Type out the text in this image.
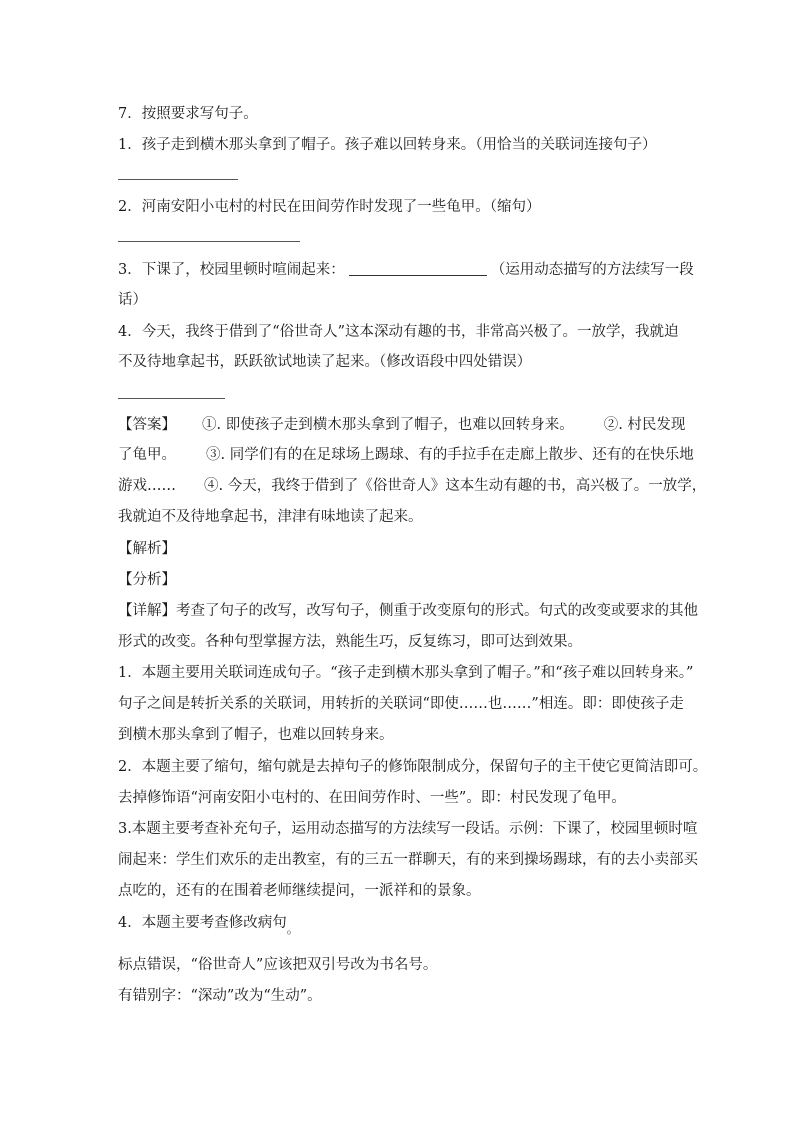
7．按照要求写句子。
1．孩子走到横木那头拿到了帽子。孩子难以回转身来。（用恰当的关联词连接句子）
2．河南安阳小屯村的村民在田间劳作时发现了一些龟甲。（缩句）
3．下课了，校园里顿时喧闹起来：	（运用动态描写的方法续写一段
话）
4．今天，我终于借到了“俗世奇人”这本深动有趣的书，非常高兴极了。一放学，我就迫
不及待地拿起书，跃跃欲试地读了起来。（修改语段中四处错误）
【答案】 ①. 即使孩子走到横木那头拿到了帽子，也难以回转身来。 ②. 村民发现
了龟甲。 ③. 同学们有的在足球场上踢球、有的手拉手在走廊上散步、还有的在快乐地
游戏…… ④. 今天，我终于借到了《俗世奇人》这本生动有趣的书，高兴极了。一放学，
我就迫不及待地拿起书，津津有味地读了起来。
【解析】
【分析】
【详解】考查了句子的改写，改写句子，侧重于改变原句的形式。句式的改变或要求的其他
形式的改变。各种句型掌握方法，熟能生巧，反复练习，即可达到效果。
1．本题主要用关联词连成句子。“孩子走到横木那头拿到了帽子。”和“孩子难以回转身来。”
句子之间是转折关系的关联词，用转折的关联词“即使……也……”相连。即：即使孩子走
到横木那头拿到了帽子，也难以回转身来。
2．本题主要了缩句，缩句就是去掉句子的修饰限制成分，保留句子的主干使它更简洁即可。
去掉修饰语“河南安阳小屯村的、在田间劳作时、一些”。即：村民发现了龟甲。
3.本题主要考查补充句子，运用动态描写的方法续写一段话。示例：下课了，校园里顿时喧
闹起来：学生们欢乐的走出教室，有的三五一群聊天，有的来到操场踢球，有的去小卖部买
点吃的，还有的在围着老师继续提问，一派祥和的景象。
4．本题主要考查修改病句$_。$
标点错误，“俗世奇人”应该把双引号改为书名号。
有错别字：“深动”改为“生动”。
